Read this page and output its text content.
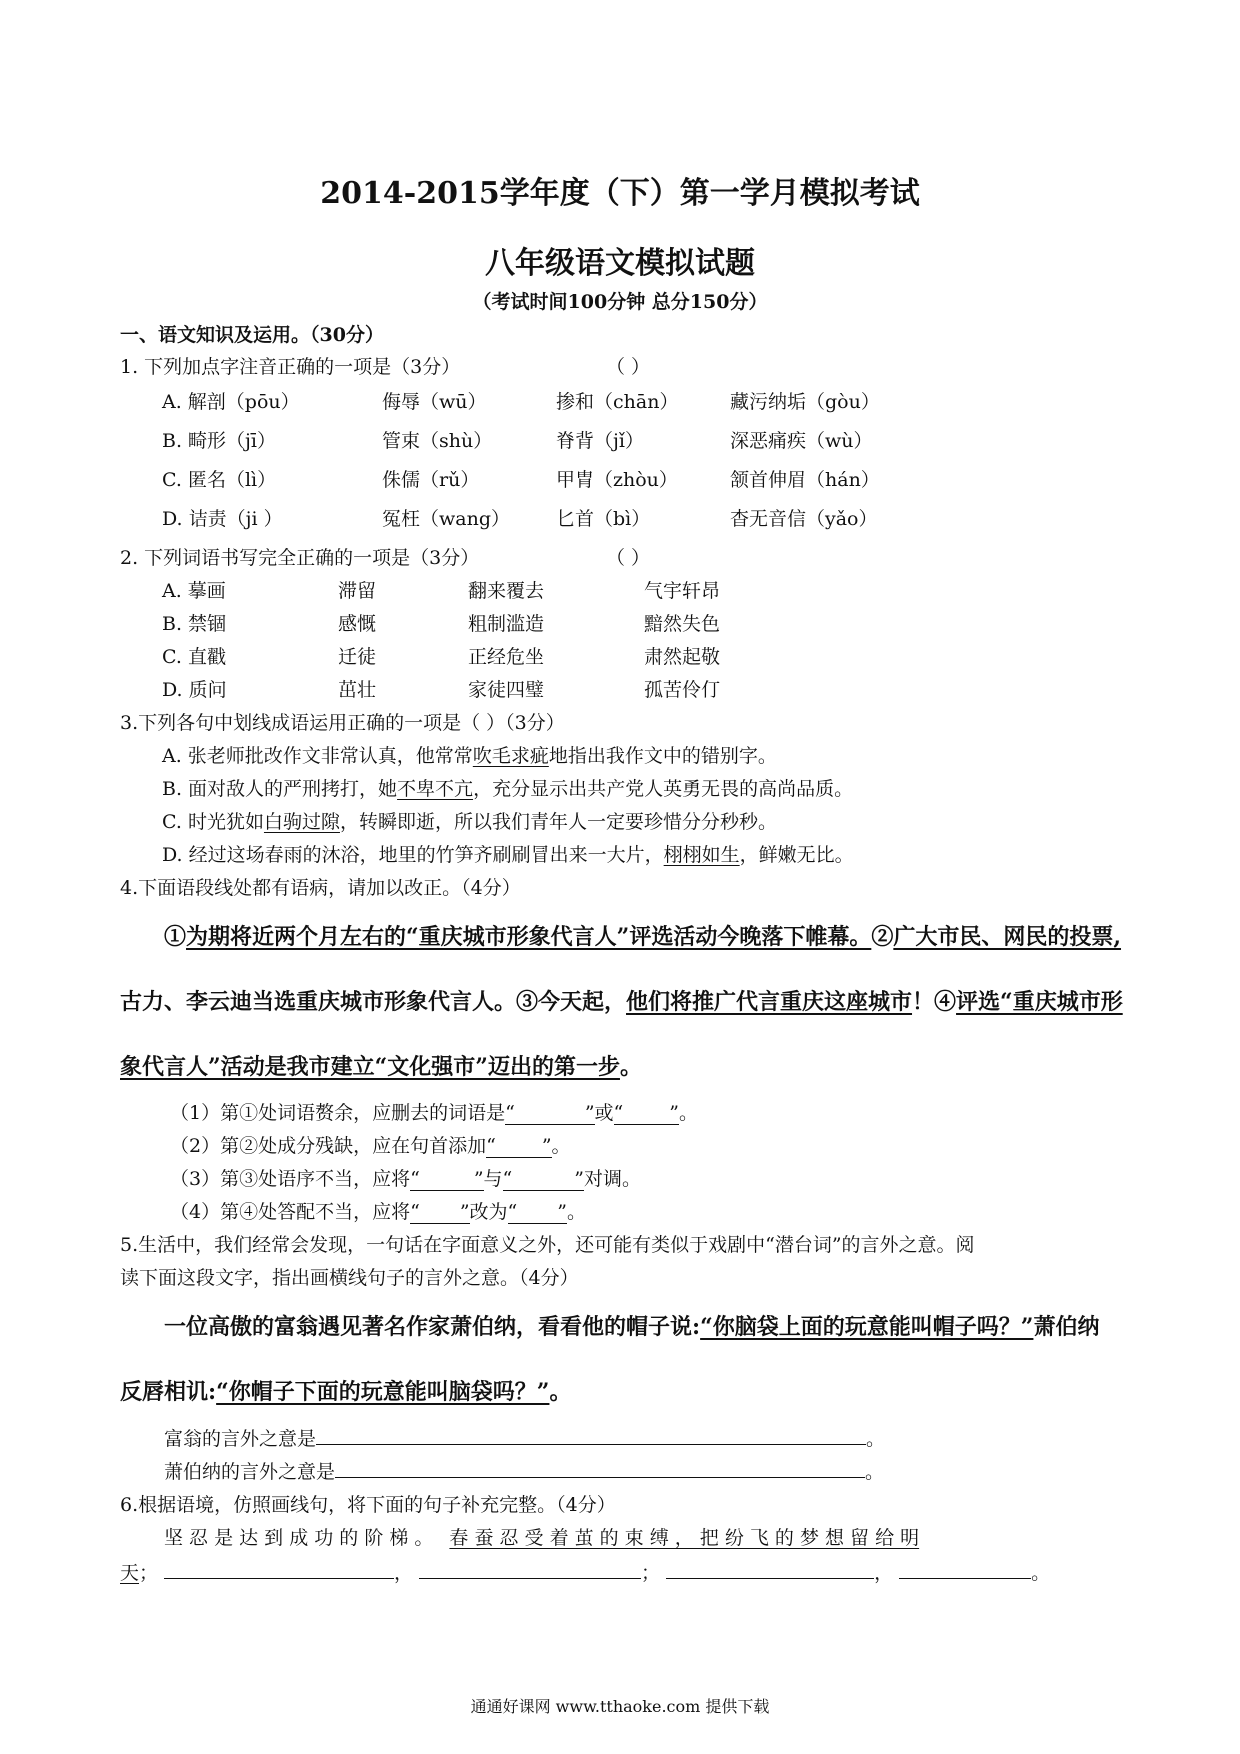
2014-2015学年度（下）第一学月模拟考试
八年级语文模拟试题
（考试时间100分钟 总分150分）
一、语文知识及运用。（30分）
1. 下列加点字注音正确的一项是（3分）	（ ）
A. 解剖（pōu）	侮辱（wū）	掺和（chān）	藏污纳垢（gòu）
B. 畸形（jī）	管束（shù）	脊背（jǐ）	深恶痛疾（wù）
C. 匿名（lì）	侏儒（rǔ）	甲胄（zhòu）	颔首伸眉（hán）
D. 诘责（ji ）	冤枉（wang） 匕首（bì）	杳无音信（yǎo）
2. 下列词语书写完全正确的一项是（3分）	（ ）
A. 摹画	滞留	翻来覆去	气宇轩昂
B. 禁锢	感慨	粗制滥造	黯然失色
C. 直戳	迁徒	正经危坐	肃然起敬
D. 质问	茁壮	家徒四璧	孤苦伶仃
3.下列各句中划线成语运用正确的一项是（ ）（3分）
A. 张老师批改作文非常认真，他常常吹毛求疵地指出我作文中的错别字。
B. 面对敌人的严刑拷打，她不卑不亢，充分显示出共产党人英勇无畏的高尚品质。
C. 时光犹如白驹过隙，转瞬即逝，所以我们青年人一定要珍惜分分秒秒。
D. 经过这场春雨的沐浴，地里的竹笋齐刷刷冒出来一大片，栩栩如生，鲜嫩无比。
4.下面语段线处都有语病，请加以改正。（4分）
①为期将近两个月左右的“重庆城市形象代言人”评选活动今晚落下帷幕。②广大市民、网民的投票,
古力、李云迪当选重庆城市形象代言人。③今天起，他们将推广代言重庆这座城市！④评选“重庆城市形
象代言人”活动是我市建立“文化强市”迈出的第一步。
（1）第①处词语赘余，应删去的词语是“	”或“ ”。
（2）第②处成分残缺，应在句首添加“ ”。
（3）第③处语序不当，应将“	”与“	”对调。
（4）第④处答配不当，应将“ ”改为“ ”。
5.生活中，我们经常会发现，一句话在字面意义之外，还可能有类似于戏剧中“潜台词”的言外之意。阅
读下面这段文字，指出画横线句子的言外之意。（4分）
一位高傲的富翁遇见著名作家萧伯纳，看看他的帽子说:“你脑袋上面的玩意能叫帽子吗？”萧伯纳
反唇相讥:“你帽子下面的玩意能叫脑袋吗？”。
富翁的言外之意是	。
萧伯纳的言外之意是	。
6.根据语境，仿照画线句，将下面的句子补充完整。（4分）
坚 忍 是 达 到 成 功 的 阶 梯 。 春 蚕 忍 受 着 茧 的 束 缚 ， 把 纷 飞 的 梦 想 留 给 明
天；	，	；	，	。
通通好课网 www.tthaoke.com 提供下载
